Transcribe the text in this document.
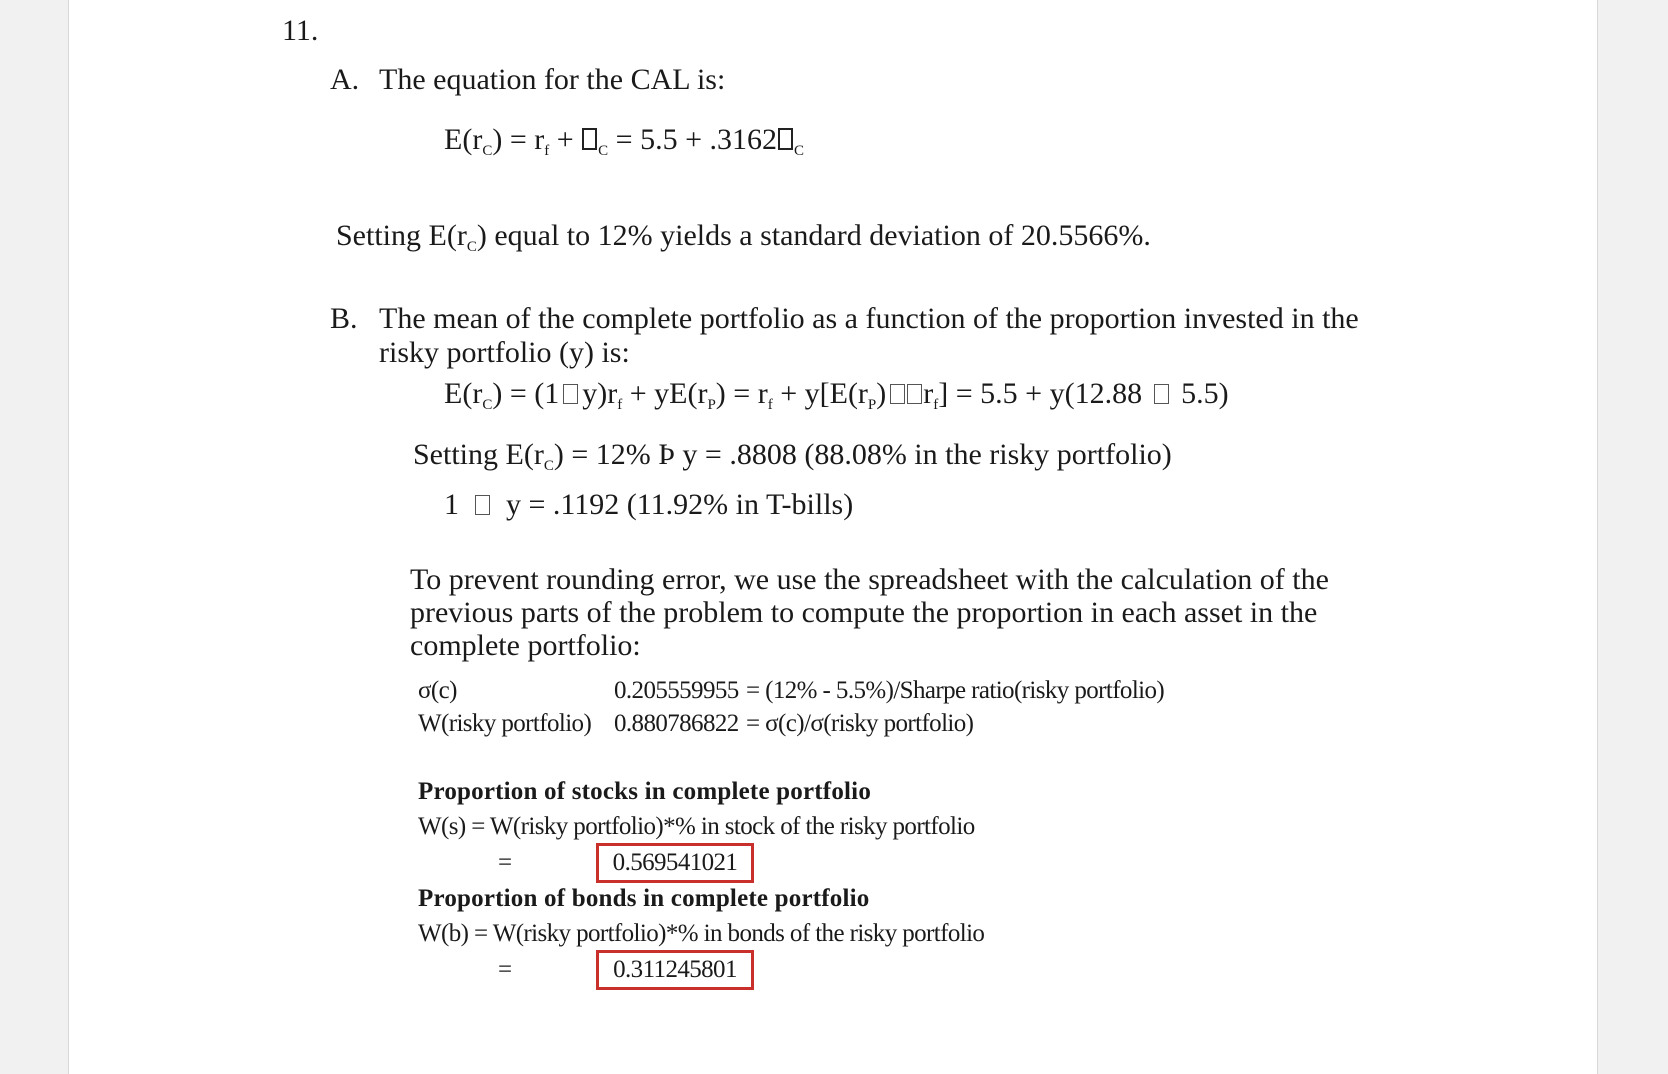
11.
A. The equation for the CAL is:
$E(r_C) = r_f + _C = 5.5 + .3162$ $_C$
Setting $E(r_C)$ equal to 12% yields a standard deviation of 20.5566%.
B. The mean of the complete portfolio as a function of the proportion invested in the
risky portfolio (y) is:
$E(r_C) = (1$ $y)r_f + yE(r_P) = r_f + y[E(r_P)$ $r_f] = 5.5 + y(12.88$ 5.5)
Setting $E(r_C) = 12\%$ Þ y = .8808 (88.08% in the risky portfolio)
1 y = .1192 (11.92% in T-bills)
To prevent rounding error, we use the spreadsheet with the calculation of the
previous parts of the problem to compute the proportion in each asset in the
complete portfolio:
σ(c)	0.205559955 = (12% - 5.5%)/Sharpe ratio(risky portfolio)
W(risky portfolio) 0.880786822 = σ(c)/σ(risky portfolio)
Proportion of stocks in complete portfolio
W(s) = W(risky portfolio)*% in stock of the risky portfolio
=	0.569541021
Proportion of bonds in complete portfolio
W(b) = W(risky portfolio)*% in bonds of the risky portfolio
=	0.311245801
